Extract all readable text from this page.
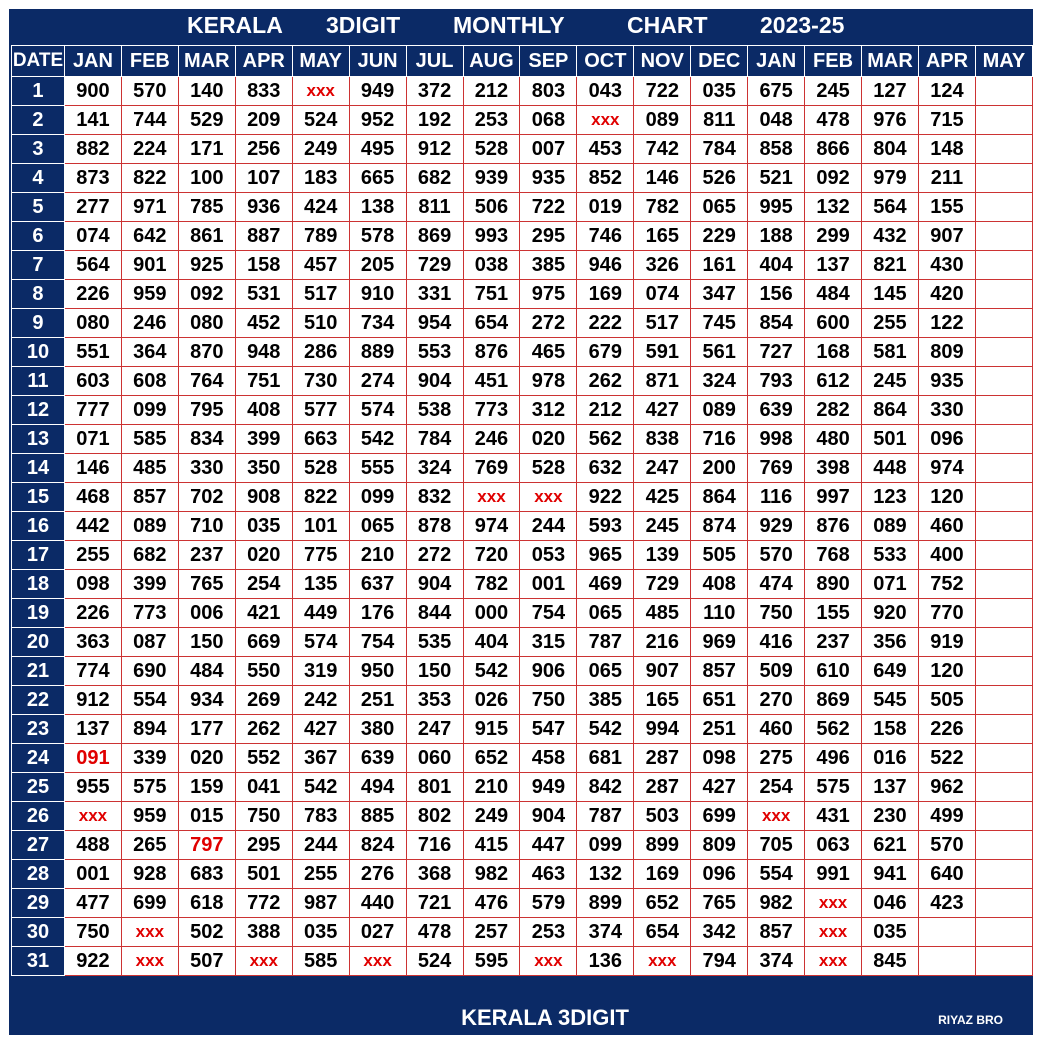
KERALA 3DIGIT MONTHLY	CHART 2023-25
DATE	JAN	FEB	MAR	APR	MAY	JUN	JUL	AUG	SEP	OCT	NOV	DEC	JAN	FEB	MAR	APR	MAY
1	900	570	140	833	xxx	949	372	212	803	043	722	035	675	245	127	124	
2	141	744	529	209	524	952	192	253	068	xxx	089	811	048	478	976	715	
3	882	224	171	256	249	495	912	528	007	453	742	784	858	866	804	148	
4	873	822	100	107	183	665	682	939	935	852	146	526	521	092	979	211	
5	277	971	785	936	424	138	811	506	722	019	782	065	995	132	564	155	
6	074	642	861	887	789	578	869	993	295	746	165	229	188	299	432	907	
7	564	901	925	158	457	205	729	038	385	946	326	161	404	137	821	430	
8	226	959	092	531	517	910	331	751	975	169	074	347	156	484	145	420	
9	080	246	080	452	510	734	954	654	272	222	517	745	854	600	255	122	
10	551	364	870	948	286	889	553	876	465	679	591	561	727	168	581	809	
11	603	608	764	751	730	274	904	451	978	262	871	324	793	612	245	935	
12	777	099	795	408	577	574	538	773	312	212	427	089	639	282	864	330	
13	071	585	834	399	663	542	784	246	020	562	838	716	998	480	501	096	
14	146	485	330	350	528	555	324	769	528	632	247	200	769	398	448	974	
15	468	857	702	908	822	099	832	xxx	xxx	922	425	864	116	997	123	120	
16	442	089	710	035	101	065	878	974	244	593	245	874	929	876	089	460	
17	255	682	237	020	775	210	272	720	053	965	139	505	570	768	533	400	
18	098	399	765	254	135	637	904	782	001	469	729	408	474	890	071	752	
19	226	773	006	421	449	176	844	000	754	065	485	110	750	155	920	770	
20	363	087	150	669	574	754	535	404	315	787	216	969	416	237	356	919	
21	774	690	484	550	319	950	150	542	906	065	907	857	509	610	649	120	
22	912	554	934	269	242	251	353	026	750	385	165	651	270	869	545	505	
23	137	894	177	262	427	380	247	915	547	542	994	251	460	562	158	226	
24	091	339	020	552	367	639	060	652	458	681	287	098	275	496	016	522	
25	955	575	159	041	542	494	801	210	949	842	287	427	254	575	137	962	
26	xxx	959	015	750	783	885	802	249	904	787	503	699	xxx	431	230	499	
27	488	265	797	295	244	824	716	415	447	099	899	809	705	063	621	570	
28	001	928	683	501	255	276	368	982	463	132	169	096	554	991	941	640	
29	477	699	618	772	987	440	721	476	579	899	652	765	982	xxx	046	423	
30	750	xxx	502	388	035	027	478	257	253	374	654	342	857	xxx	035		
31	922	xxx	507	xxx	585	xxx	524	595	xxx	136	xxx	794	374	xxx	845		
KERALA 3DIGIT	RIYAZ BRO
